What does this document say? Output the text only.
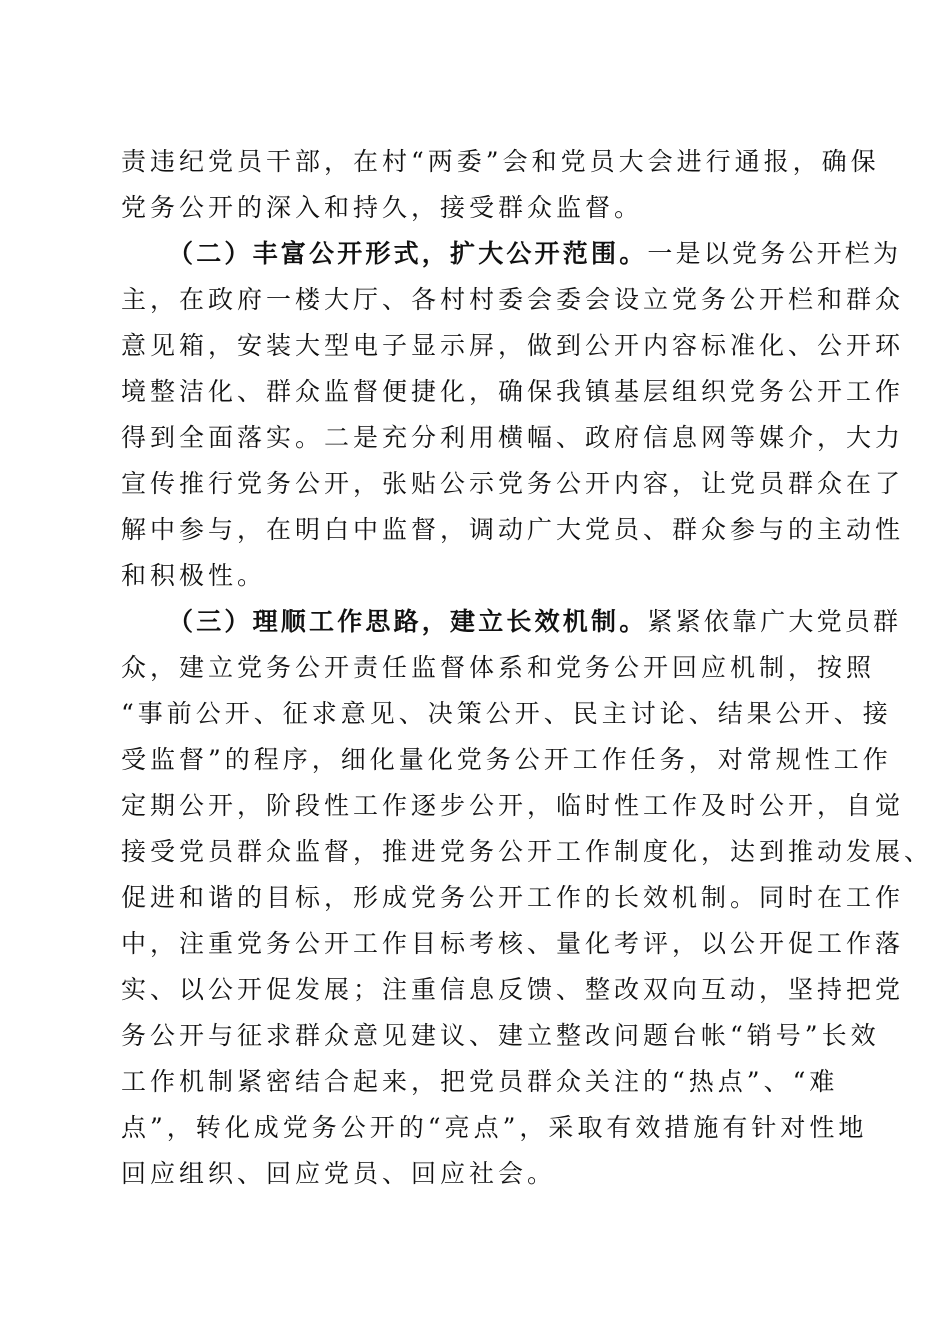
责违纪党员干部，在村“两委”会和党员大会进行通报，确保
党务公开的深入和持久，接受群众监督。
（二）丰富公开形式，扩大公开范围。一是以党务公开栏为
主，在政府一楼大厅、各村村委会委会设立党务公开栏和群众
意见箱，安装大型电子显示屏，做到公开内容标准化、公开环
境整洁化、群众监督便捷化，确保我镇基层组织党务公开工作
得到全面落实。二是充分利用横幅、政府信息网等媒介，大力
宣传推行党务公开，张贴公示党务公开内容，让党员群众在了
解中参与，在明白中监督，调动广大党员、群众参与的主动性
和积极性。
（三）理顺工作思路，建立长效机制。紧紧依靠广大党员群
众，建立党务公开责任监督体系和党务公开回应机制，按照
“事前公开、征求意见、决策公开、民主讨论、结果公开、接
受监督”的程序，细化量化党务公开工作任务，对常规性工作
定期公开，阶段性工作逐步公开，临时性工作及时公开，自觉
接受党员群众监督，推进党务公开工作制度化，达到推动发展、
促进和谐的目标，形成党务公开工作的长效机制。同时在工作
中，注重党务公开工作目标考核、量化考评，以公开促工作落
实、以公开促发展；注重信息反馈、整改双向互动，坚持把党
务公开与征求群众意见建议、建立整改问题台帐“销号”长效
工作机制紧密结合起来，把党员群众关注的“热点”、“难
点”，转化成党务公开的“亮点”，采取有效措施有针对性地
回应组织、回应党员、回应社会。
